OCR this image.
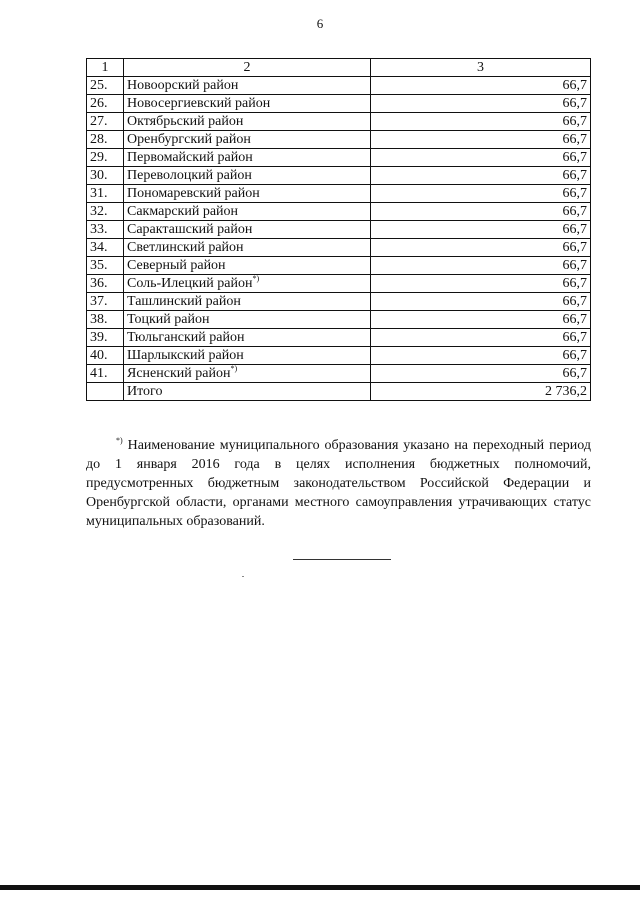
6
1	2	3
25.	Новоорский район	66,7
26.	Новосергиевский район	66,7
27.	Октябрьский район	66,7
28.	Оренбургский район	66,7
29.	Первомайский район	66,7
30.	Переволоцкий район	66,7
31.	Пономаревский район	66,7
32.	Сакмарский район	66,7
33.	Саракташский район	66,7
34.	Светлинский район	66,7
35.	Северный район	66,7
36.	Соль-Илецкий район*)	66,7
37.	Ташлинский район	66,7
38.	Тоцкий район	66,7
39.	Тюльганский район	66,7
40.	Шарлыкский район	66,7
41.	Ясненский район*)	66,7
	Итого	2 736,2
*) Наименование муниципального образования указано на переходный период до 1 января 2016 года в целях исполнения бюджетных полномочий, предусмотренных бюджетным законодательством Российской Федерации и Оренбургской области, органами местного самоуправления утрачивающих статус муниципальных образований.
